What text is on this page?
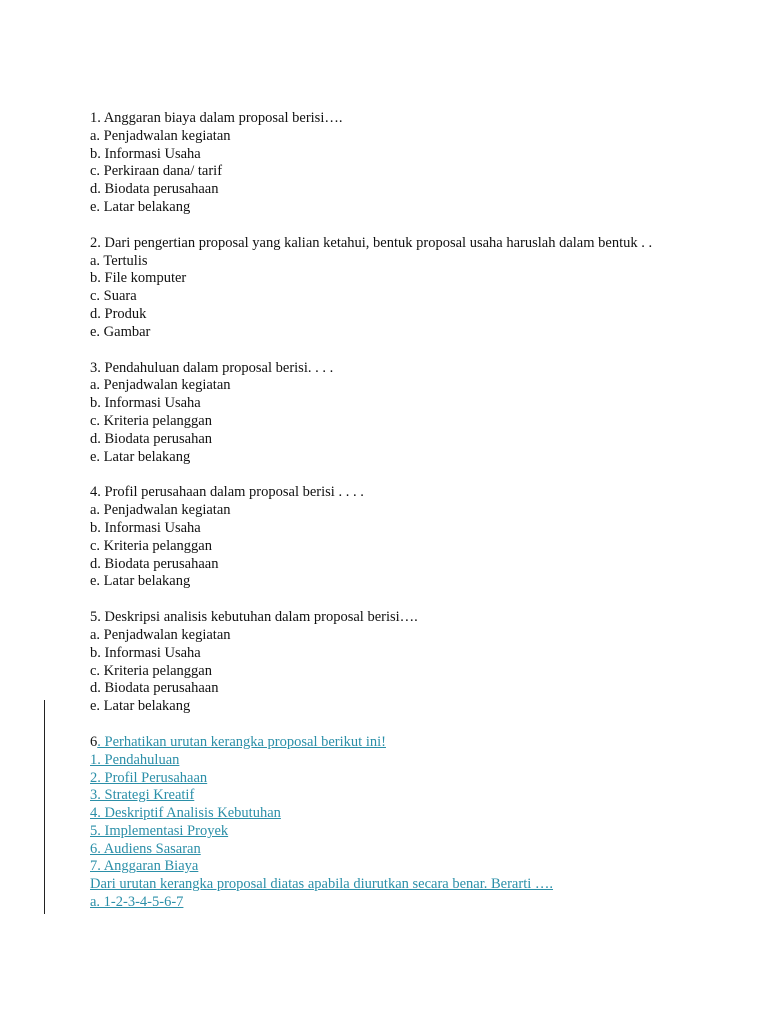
1. Anggaran biaya dalam proposal berisi….
a. Penjadwalan kegiatan
b. Informasi Usaha
c. Perkiraan dana/ tarif
d. Biodata perusahaan
e. Latar belakang
2. Dari pengertian proposal yang kalian ketahui, bentuk proposal usaha haruslah dalam bentuk . .
a. Tertulis
b. File komputer
c. Suara
d. Produk
e. Gambar
3. Pendahuluan dalam proposal berisi. . . .
a. Penjadwalan kegiatan
b. Informasi Usaha
c. Kriteria pelanggan
d. Biodata perusahan
e. Latar belakang
4. Profil perusahaan dalam proposal berisi . . . .
a. Penjadwalan kegiatan
b. Informasi Usaha
c. Kriteria pelanggan
d. Biodata perusahaan
e. Latar belakang
5. Deskripsi analisis kebutuhan dalam proposal berisi….
a. Penjadwalan kegiatan
b. Informasi Usaha
c. Kriteria pelanggan
d. Biodata perusahaan
e. Latar belakang
6. Perhatikan urutan kerangka proposal berikut ini!
1. Pendahuluan
2. Profil Perusahaan
3. Strategi Kreatif
4. Deskriptif Analisis Kebutuhan
5. Implementasi Proyek
6. Audiens Sasaran
7. Anggaran Biaya
Dari urutan kerangka proposal diatas apabila diurutkan secara benar. Berarti ….
a. 1-2-3-4-5-6-7
